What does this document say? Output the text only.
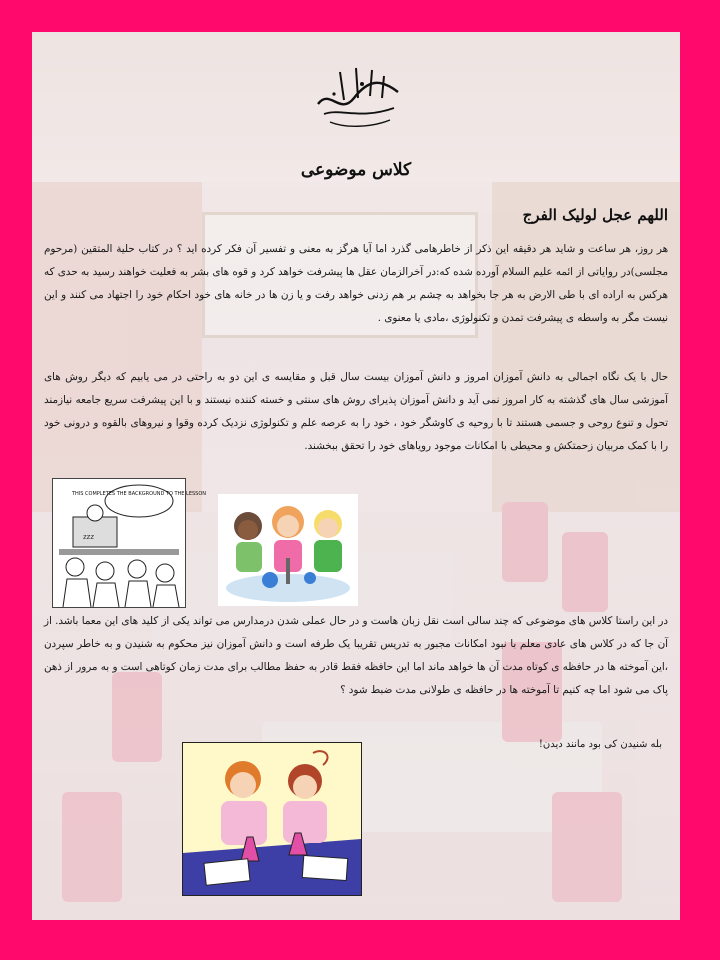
کلاس موضوعی
اللهم عجل لولیک الفرج
هر روز، هر ساعت و شاید هر دقیقه این ذکر از خاطرهامی گذرد اما آیا هرگز به معنی و تفسیر آن فکر کرده اید ؟ در کتاب حلیة المتقین (مرحوم مجلسی)در روایاتی از ائمه علیم السلام آورده شده که:در آخرالزمان عقل ها پیشرفت خواهد کرد و قوه های بشر به فعلیت خواهند رسید به حدی که هرکس به اراده ای با طی الارض به هر جا بخواهد به چشم بر هم زدنی خواهد رفت و یا زن ها در خانه های خود احکام خود را اجتهاد می کنند و این نیست مگر به واسطه ی پیشرفت تمدن و تکنولوژی ،مادی یا معنوی .
حال با یک نگاه اجمالی به دانش آموزان امروز و دانش آموزان بیست سال قبل و مقایسه ی این دو به راحتی در می یابیم که دیگر روش های آموزشی سال های گذشته به کار امروز نمی آید و دانش آموزان پذیرای روش های سنتی و خسته کننده نیستند و با این پیشرفت سریع جامعه نیازمند تحول و تنوع روحی و جسمی هستند تا با روحیه ی کاوشگر خود ، خود را به عرصه علم و تکنولوژی نزدیک کرده وقوا و نیروهای بالقوه و درونی خود را با کمک مربیان زحمتکش و محیطی با امکانات موجود رویاهای خود را تحقق ببخشند.
THIS COMPLETES THE BACKGROUND TO THE LESSON
zzz
در این راستا کلاس های موضوعی که چند سالی است نقل زبان هاست و در حال عملی شدن درمدارس می تواند یکی از کلید های این معما باشد. از آن جا که در کلاس های عادی معلم با نبود امکانات مجبور به تدریس تقریبا یک طرفه است و دانش آموزان نیز محکوم به شنیدن و به خاطر سپردن ،این آموخته ها در حافظه ی کوتاه مدت آن ها خواهد ماند اما این حافظه فقط قادر به حفظ مطالب برای مدت زمان کوتاهی است و به مرور از ذهن پاک می شود اما چه کنیم تا آموخته ها در حافظه ی طولانی مدت ضبط شود ؟
بله شنیدن کی بود مانند دیدن!
